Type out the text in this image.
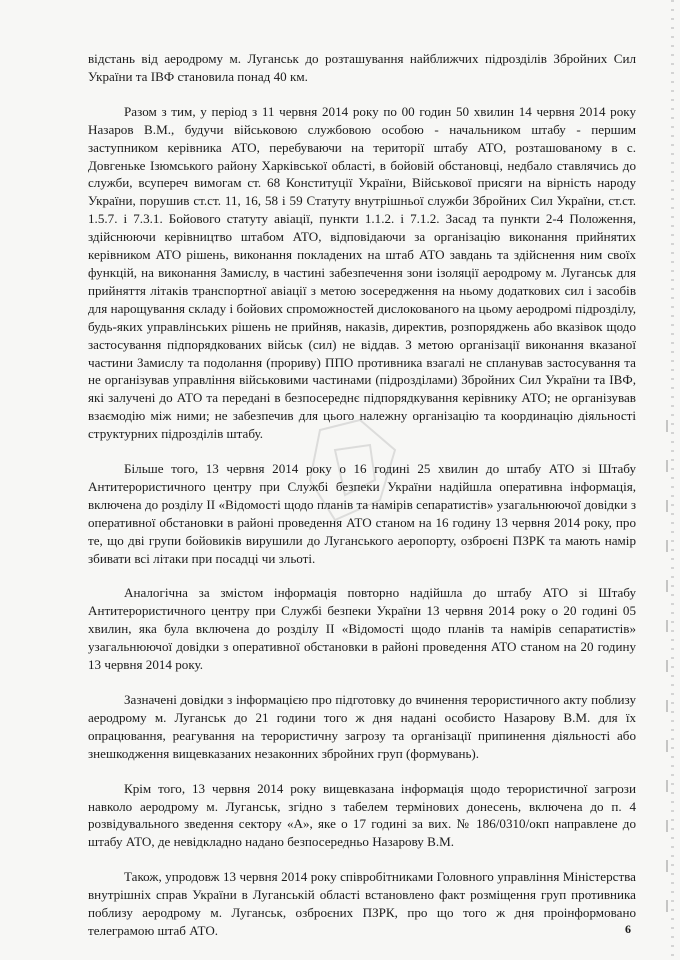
відстань від аеродрому м. Луганськ до розташування найближчих підрозділів Збройних Сил України та ІВФ становила понад 40 км.

Разом з тим, у період з 11 червня 2014 року по 00 годин 50 хвилин 14 червня 2014 року Назаров В.М., будучи військовою службовою особою - начальником штабу - першим заступником керівника АТО, перебуваючи на території штабу АТО, розташованому в с. Довгеньке Ізюмського району Харківської області, в бойовій обстановці, недбало ставлячись до служби, всупереч вимогам ст. 68 Конституції України, Військової присяги на вірність народу України, порушив ст.ст. 11, 16, 58 і 59 Статуту внутрішньої служби Збройних Сил України, ст.ст. 1.5.7. і 7.3.1. Бойового статуту авіації, пункти 1.1.2. і 7.1.2. Засад та пункти 2-4 Положення, здійснюючи керівництво штабом АТО, відповідаючи за організацію виконання прийнятих керівником АТО рішень, виконання покладених на штаб АТО завдань та здійснення ним своїх функцій, на виконання Замислу, в частині забезпечення зони ізоляції аеродрому м. Луганськ для прийняття літаків транспортної авіації з метою зосередження на ньому додаткових сил і засобів для нарощування складу і бойових спроможностей дислокованого на цьому аеродромі підрозділу, будь-яких управлінських рішень не прийняв, наказів, директив, розпоряджень або вказівок щодо застосування підпорядкованих військ (сил) не віддав. З метою організації виконання вказаної частини Замислу та подолання (прориву) ППО противника взагалі не спланував застосування та не організував управління військовими частинами (підрозділами) Збройних Сил України та ІВФ, які залучені до АТО та передані в безпосереднє підпорядкування керівнику АТО; не організував взаємодію між ними; не забезпечив для цього належну організацію та координацію діяльності структурних підрозділів штабу.

Більше того, 13 червня 2014 року о 16 годині 25 хвилин до штабу АТО зі Штабу Антитерористичного центру при Службі безпеки України надійшла оперативна інформація, включена до розділу II «Відомості щодо планів та намірів сепаратистів» узагальнюючої довідки з оперативної обстановки в районі проведення АТО станом на 16 годину 13 червня 2014 року, про те, що дві групи бойовиків вирушили до Луганського аеропорту, озброєні ПЗРК та мають намір збивати всі літаки при посадці чи зльоті.

Аналогічна за змістом інформація повторно надійшла до штабу АТО зі Штабу Антитерористичного центру при Службі безпеки України 13 червня 2014 року о 20 годині 05 хвилин, яка була включена до розділу II «Відомості щодо планів та намірів сепаратистів» узагальнюючої довідки з оперативної обстановки в районі проведення АТО станом на 20 годину 13 червня 2014 року.

Зазначені довідки з інформацією про підготовку до вчинення терористичного акту поблизу аеродрому м. Луганськ до 21 години того ж дня надані особисто Назарову В.М. для їх опрацювання, реагування на терористичну загрозу та організації припинення діяльності або знешкодження вищевказаних незаконних збройних груп (формувань).

Крім того, 13 червня 2014 року вищевказана інформація щодо терористичної загрози навколо аеродрому м. Луганськ, згідно з табелем термінових донесень, включена до п. 4 розвідувального зведення сектору «А», яке о 17 годині за вих. № 186/0310/окп направлене до штабу АТО, де невідкладно надано безпосередньо Назарову В.М.

Також, упродовж 13 червня 2014 року співробітниками Головного управління Міністерства внутрішніх справ України в Луганській області встановлено факт розміщення груп противника поблизу аеродрому м. Луганськ, озброєних ПЗРК, про що того ж дня проінформовано телеграмою штаб АТО.	6
